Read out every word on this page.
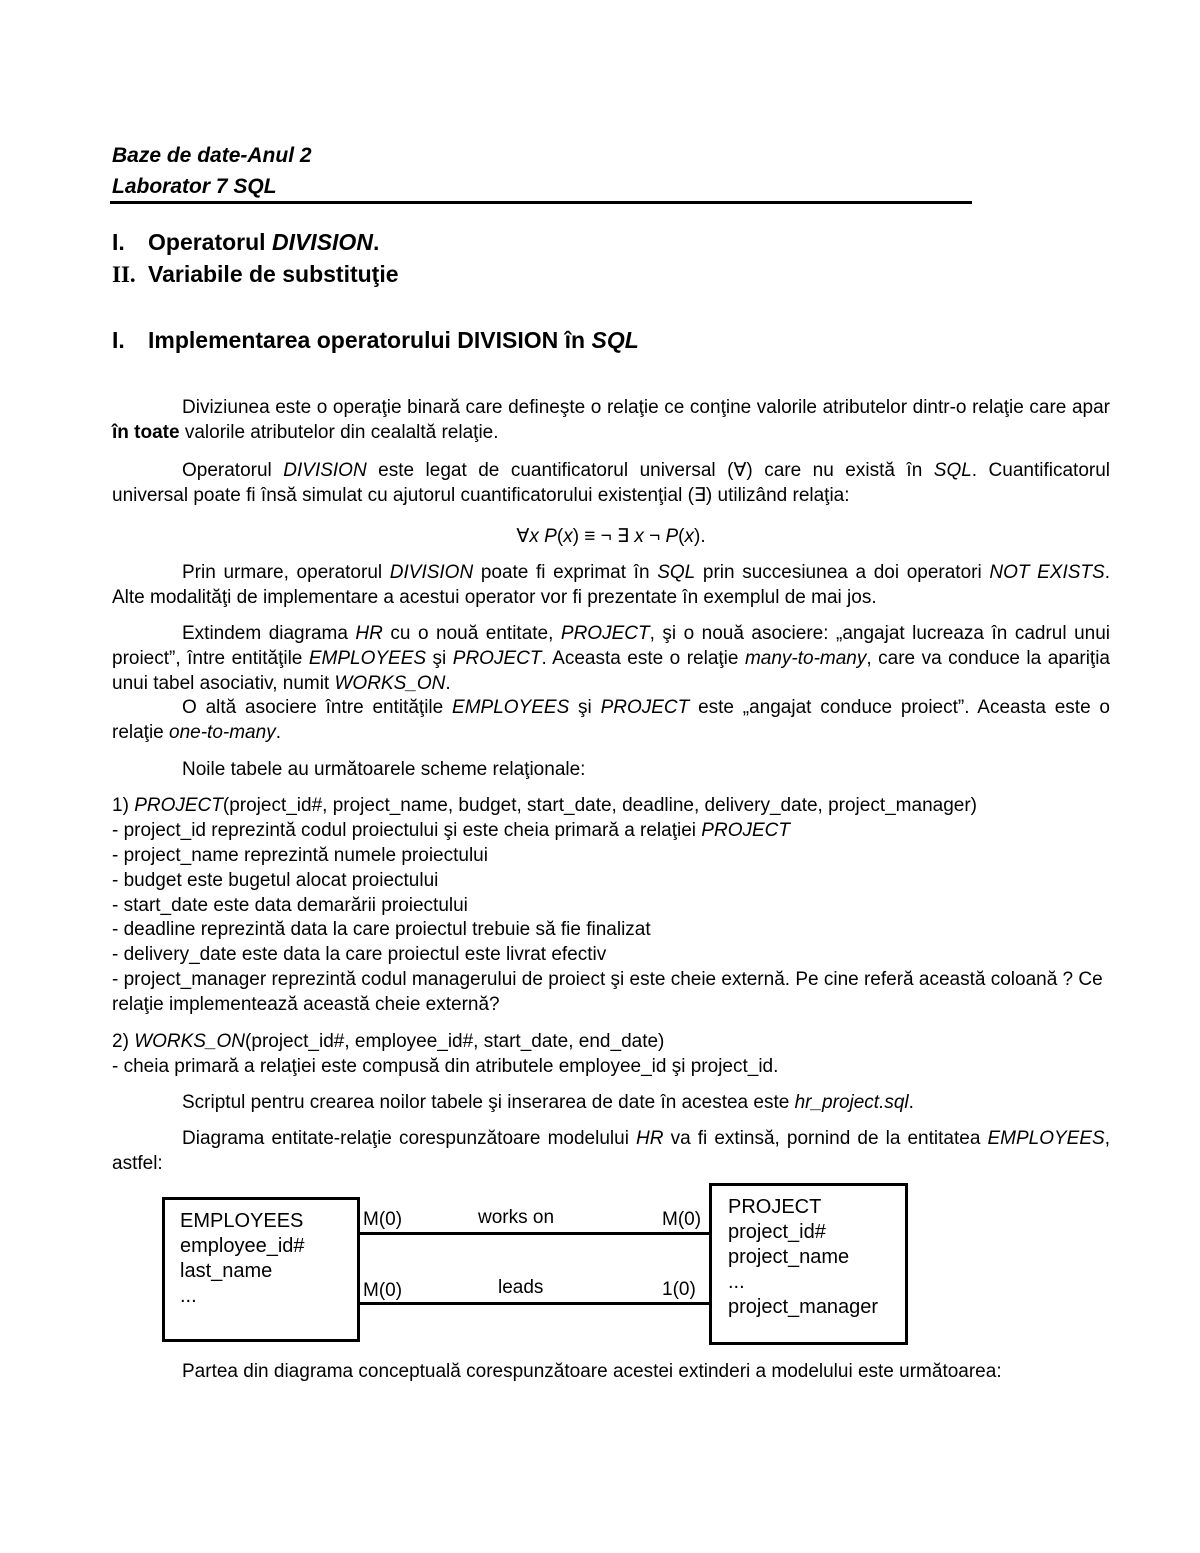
Baze de date-Anul 2
Laborator 7 SQL
I. Operatorul DIVISION.
II. Variabile de substituţie
I. Implementarea operatorului DIVISION în SQL
Diviziunea este o operaţie binară care defineşte o relaţie ce conţine valorile atributelor dintr-o relaţie care apar în toate valorile atributelor din cealaltă relaţie.
Operatorul DIVISION este legat de cuantificatorul universal (∀) care nu există în SQL. Cuantificatorul universal poate fi însă simulat cu ajutorul cuantificatorului existenţial (∃) utilizând relaţia:
∀x P(x) ≡ ¬ ∃ x ¬ P(x).
Prin urmare, operatorul DIVISION poate fi exprimat în SQL prin succesiunea a doi operatori NOT EXISTS. Alte modalităţi de implementare a acestui operator vor fi prezentate în exemplul de mai jos.
Extindem diagrama HR cu o nouă entitate, PROJECT, şi o nouă asociere: „angajat lucreaza în cadrul unui proiect”, între entităţile EMPLOYEES şi PROJECT. Aceasta este o relaţie many-to-many, care va conduce la apariţia unui tabel asociativ, numit WORKS_ON.
O altă asociere între entităţile EMPLOYEES şi PROJECT este „angajat conduce proiect”. Aceasta este o relaţie one-to-many.
Noile tabele au următoarele scheme relaţionale:
1) PROJECT(project_id#, project_name, budget, start_date, deadline, delivery_date, project_manager)
- project_id reprezintă codul proiectului şi este cheia primară a relaţiei PROJECT
- project_name reprezintă numele proiectului
- budget este bugetul alocat proiectului
- start_date este data demarării proiectului
- deadline reprezintă data la care proiectul trebuie să fie finalizat
- delivery_date este data la care proiectul este livrat efectiv
- project_manager reprezintă codul managerului de proiect şi este cheie externă. Pe cine referă această coloană ? Ce relaţie implementează această cheie externă?
2) WORKS_ON(project_id#, employee_id#, start_date, end_date)
- cheia primară a relaţiei este compusă din atributele employee_id şi project_id.
Scriptul pentru crearea noilor tabele şi inserarea de date în acestea este hr_project.sql.
Diagrama entitate-relaţie corespunzătoare modelului HR va fi extinsă, pornind de la entitatea EMPLOYEES, astfel:
EMPLOYEES
employee_id#
last_name
...
PROJECT
project_id#
project_name
...
project_manager
M(0)	works on	M(0)
M(0)	leads	1(0)
Partea din diagrama conceptuală corespunzătoare acestei extinderi a modelului este următoarea:
